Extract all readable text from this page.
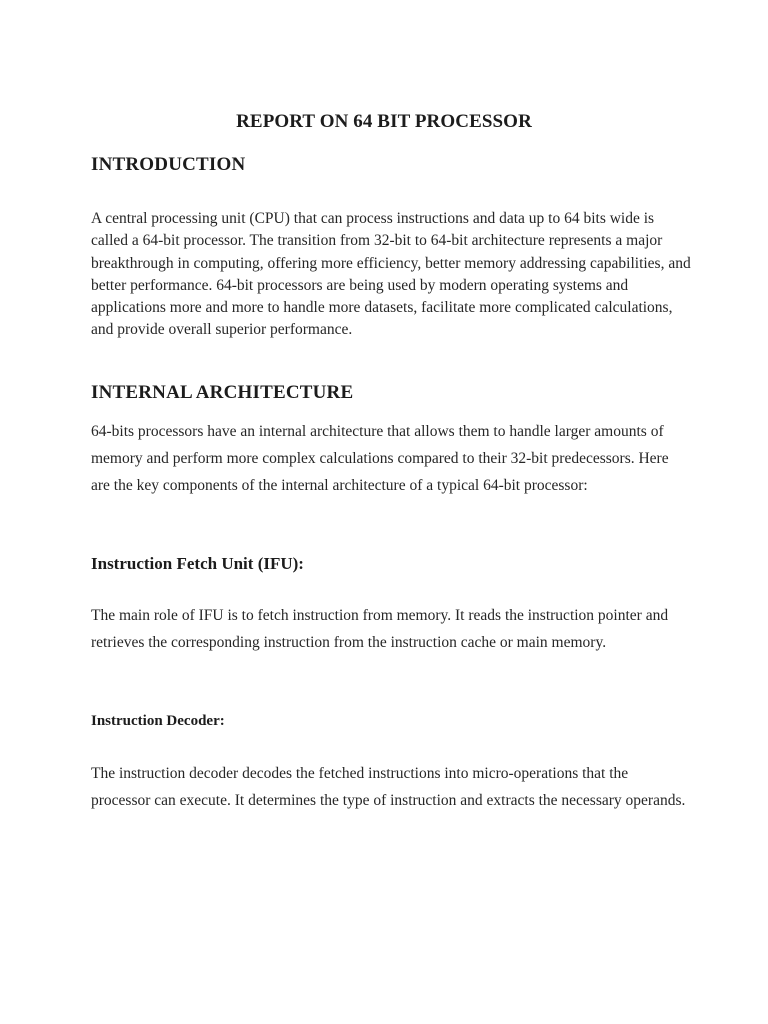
REPORT ON 64 BIT PROCESSOR
INTRODUCTION
A central processing unit (CPU) that can process instructions and data up to 64 bits wide is called a 64-bit processor. The transition from 32-bit to 64-bit architecture represents a major breakthrough in computing, offering more efficiency, better memory addressing capabilities, and better performance. 64-bit processors are being used by modern operating systems and applications more and more to handle more datasets, facilitate more complicated calculations, and provide overall superior performance.
INTERNAL ARCHITECTURE
64-bits processors have an internal architecture that allows them to handle larger amounts of memory and perform more complex calculations compared to their 32-bit predecessors. Here are the key components of the internal architecture of a typical 64-bit processor:
Instruction Fetch Unit (IFU):
The main role of IFU is to fetch instruction from memory. It reads the instruction pointer and retrieves the corresponding instruction from the instruction cache or main memory.
Instruction Decoder:
The instruction decoder decodes the fetched instructions into micro-operations that the processor can execute. It determines the type of instruction and extracts the necessary operands.
